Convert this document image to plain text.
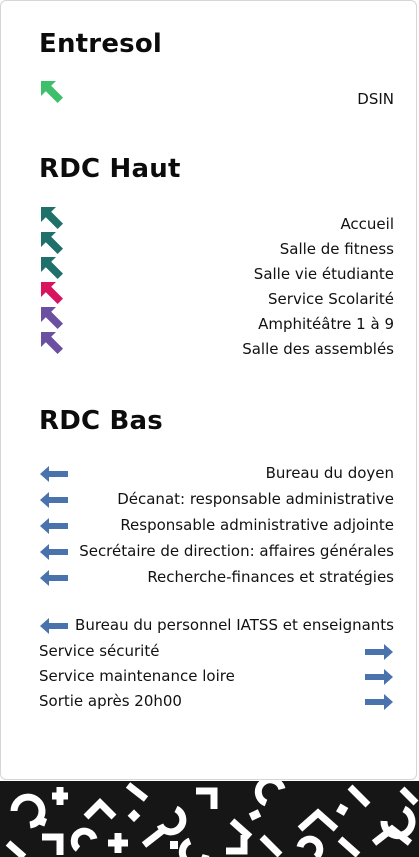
Entresol
DSIN
RDC Haut
Accueil
Salle de fitness
Salle vie étudiante
Service Scolarité
Amphitéâtre 1 à 9
Salle des assemblés
RDC Bas
Bureau du doyen
Décanat: responsable administrative
Responsable administrative adjointe
Secrétaire de direction: affaires générales
Recherche-finances et stratégies
Bureau du personnel IATSS et enseignants
Service sécurité
Service maintenance loire
Sortie après 20h00
